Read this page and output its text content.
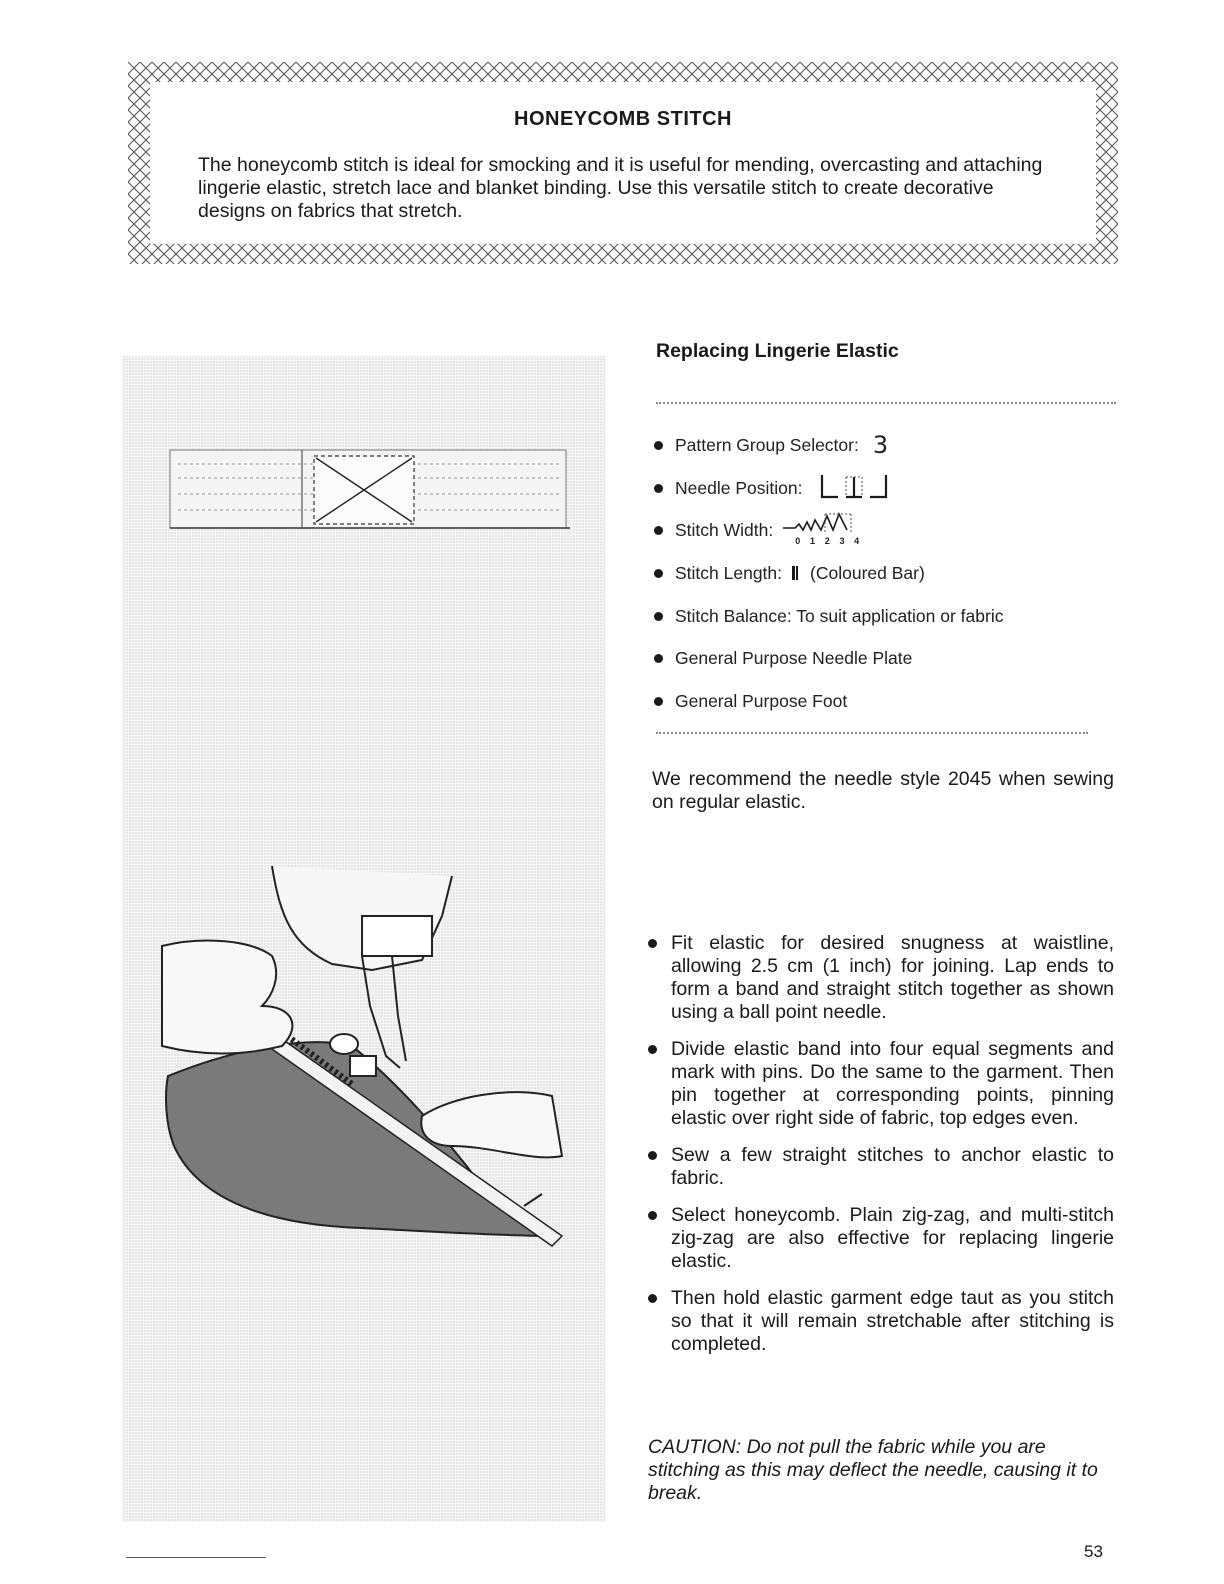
HONEYCOMB STITCH
The honeycomb stitch is ideal for smocking and it is useful for mending, overcasting and attaching lingerie elastic, stretch lace and blanket binding. Use this versatile stitch to create decorative designs on fabrics that stretch.
Replacing Lingerie Elastic
Pattern Group Selector: 3
Needle Position:
Stitch Width:
0 1 2 3 4
Stitch Length: (Coloured Bar)
Stitch Balance: To suit application or fabric
General Purpose Needle Plate
General Purpose Foot
We recommend the needle style 2045 when sewing on regular elastic.
Fit elastic for desired snugness at waistline, allowing 2.5 cm (1 inch) for joining. Lap ends to form a band and straight stitch together as shown using a ball point needle.
Divide elastic band into four equal segments and mark with pins. Do the same to the garment. Then pin together at corresponding points, pinning elastic over right side of fabric, top edges even.
Sew a few straight stitches to anchor elastic to fabric.
Select honeycomb. Plain zig-zag, and multi-stitch zig-zag are also effective for replacing lingerie elastic.
Then hold elastic garment edge taut as you stitch so that it will remain stretchable after stitching is completed.
CAUTION: Do not pull the fabric while you are stitching as this may deflect the needle, causing it to break.
53
